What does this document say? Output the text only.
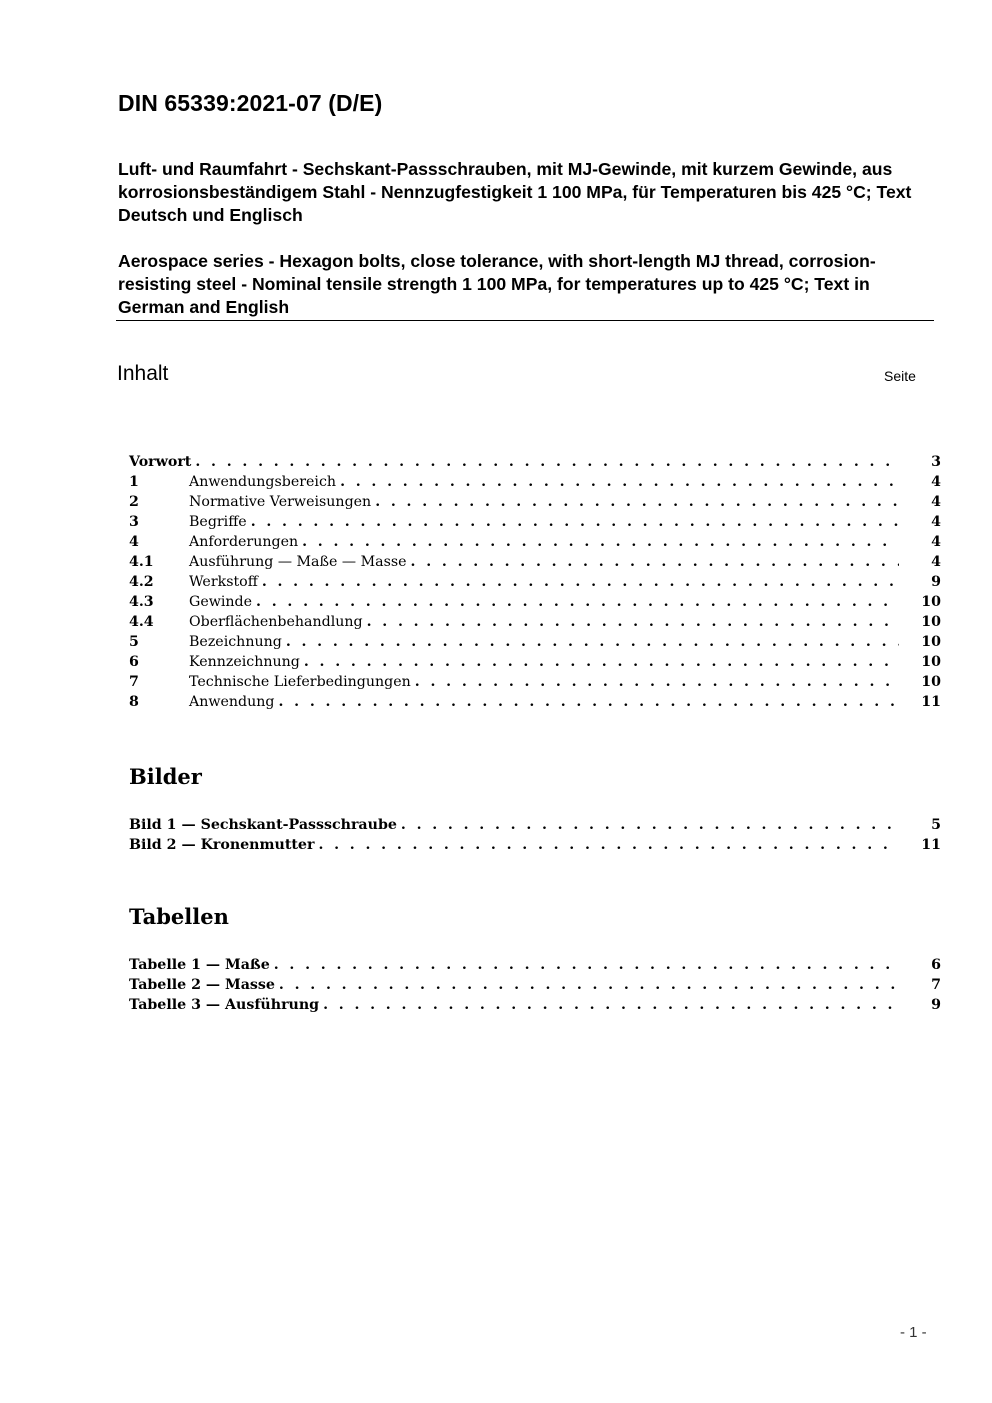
DIN 65339:2021-07 (D/E)
Luft- und Raumfahrt - Sechskant-Passschrauben, mit MJ-Gewinde, mit kurzem Gewinde, aus korrosionsbeständigem Stahl - Nennzugfestigkeit 1 100 MPa, für Temperaturen bis 425 °C; Text Deutsch und Englisch
Aerospace series - Hexagon bolts, close tolerance, with short-length MJ thread, corrosion-resisting steel - Nominal tensile strength 1 100 MPa, for temperatures up to 425 °C; Text in German and English
Inhalt	Seite
Vorwort . . .	3
1	Anwendungsbereich . . .	4
2	Normative Verweisungen . . .	4
3	Begriffe . . .	4
4	Anforderungen . . .	4
4.1	Ausführung — Maße — Masse . . .	4
4.2	Werkstoff . . .	9
4.3	Gewinde . . .	10
4.4	Oberflächenbehandlung . . .	10
5	Bezeichnung . . .	10
6	Kennzeichnung . . .	10
7	Technische Lieferbedingungen . . .	10
8	Anwendung . . .	11
Bilder
Bild 1 — Sechskant-Passschraube . . .	5
Bild 2 — Kronenmutter . . .	11
Tabellen
Tabelle 1 — Maße . . .	6
Tabelle 2 — Masse . . .	7
Tabelle 3 — Ausführung . . .	9
- 1 -
